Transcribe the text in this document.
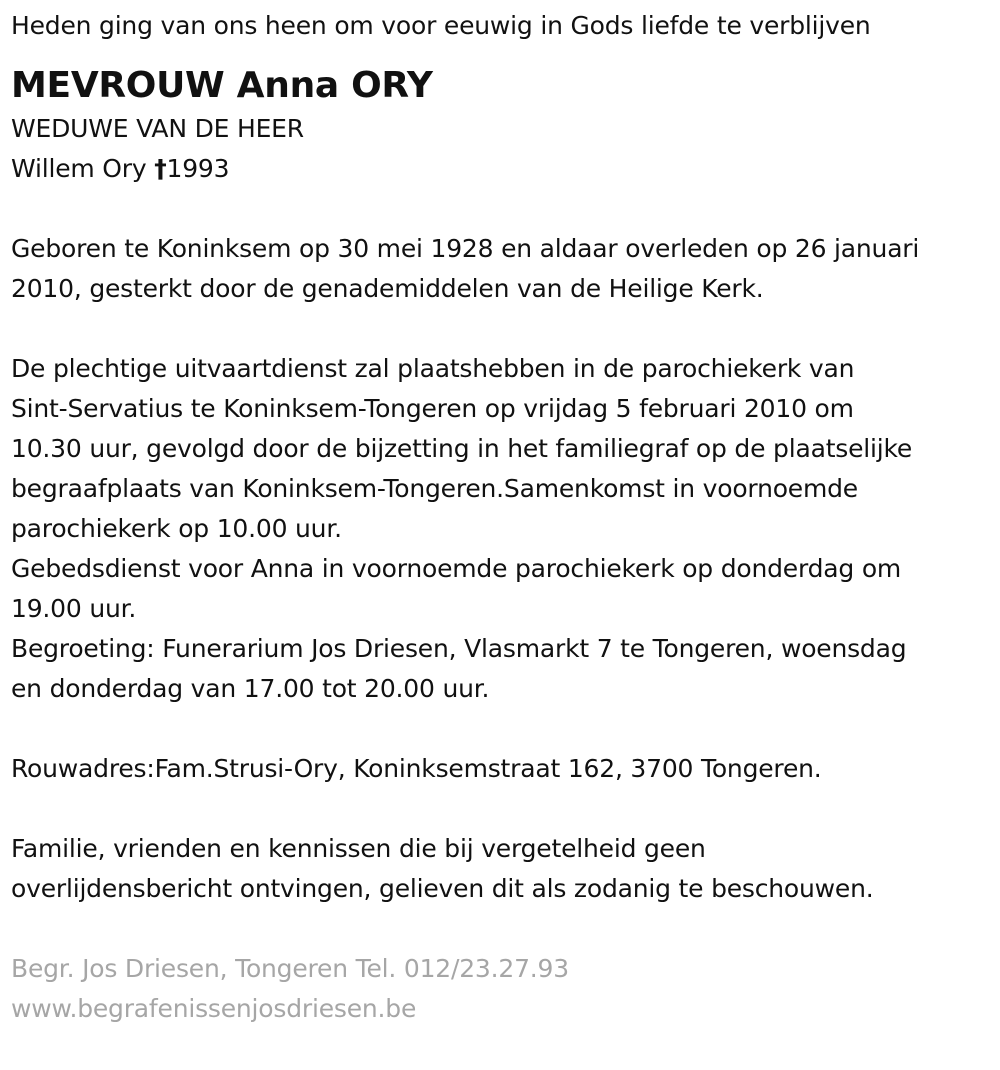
Heden ging van ons heen om voor eeuwig in Gods liefde te verblijven
MEVROUW Anna ORY
WEDUWE VAN DE HEER
Willem Ory †1993
Geboren te Koninksem op 30 mei 1928 en aldaar overleden op 26 januari
2010, gesterkt door de genademiddelen van de Heilige Kerk.
De plechtige uitvaartdienst zal plaatshebben in de parochiekerk van
Sint-Servatius te Koninksem-Tongeren op vrijdag 5 februari 2010 om
10.30 uur, gevolgd door de bijzetting in het familiegraf op de plaatselijke
begraafplaats van Koninksem-Tongeren.Samenkomst in voornoemde
parochiekerk op 10.00 uur.
Gebedsdienst voor Anna in voornoemde parochiekerk op donderdag om
19.00 uur.
Begroeting: Funerarium Jos Driesen, Vlasmarkt 7 te Tongeren, woensdag
en donderdag van 17.00 tot 20.00 uur.
Rouwadres:Fam.Strusi-Ory, Koninksemstraat 162, 3700 Tongeren.
Familie, vrienden en kennissen die bij vergetelheid geen
overlijdensbericht ontvingen, gelieven dit als zodanig te beschouwen.
Begr. Jos Driesen, Tongeren Tel. 012/23.27.93
www.begrafenissenjosdriesen.be
